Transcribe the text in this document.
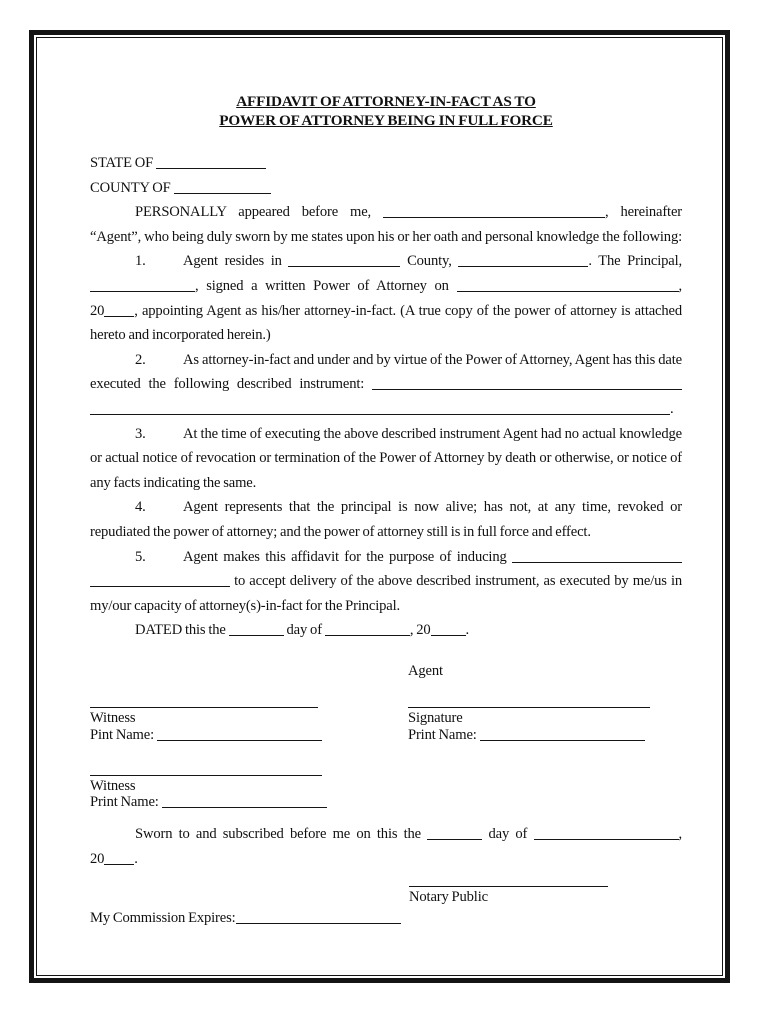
AFFIDAVIT OF ATTORNEY-IN-FACT AS TO
POWER OF ATTORNEY BEING IN FULL FORCE
STATE OF
COUNTY OF
PERSONALLY appeared before me,	, hereinafter
“Agent”, who being duly sworn by me states upon his or her oath and personal knowledge the following:
1.	Agent resides in	County,	. The Principal,
, signed a written Power of Attorney on	,
20 , appointing Agent as his/her attorney-in-fact. (A true copy of the power of attorney is attached
hereto and incorporated herein.)
2.	As attorney-in-fact and under and by virtue of the Power of Attorney, Agent has this date
executed the following described instrument:
.
3.	At the time of executing the above described instrument Agent had no actual knowledge
or actual notice of revocation or termination of the Power of Attorney by death or otherwise, or notice of
any facts indicating the same.
4.	Agent represents that the principal is now alive; has not, at any time, revoked or
repudiated the power of attorney; and the power of attorney still is in full force and effect.
5.	Agent makes this affidavit for the purpose of inducing
to accept delivery of the above described instrument, as executed by me/us in
my/our capacity of attorney(s)-in-fact for the Principal.
DATED this the	day of	, 20 .
Agent
Witness
Pint Name:
Signature
Print Name:
Witness
Print Name:
Sworn to and subscribed before me on this the	day of	,
20 .
Notary Public
My Commission Expires:
